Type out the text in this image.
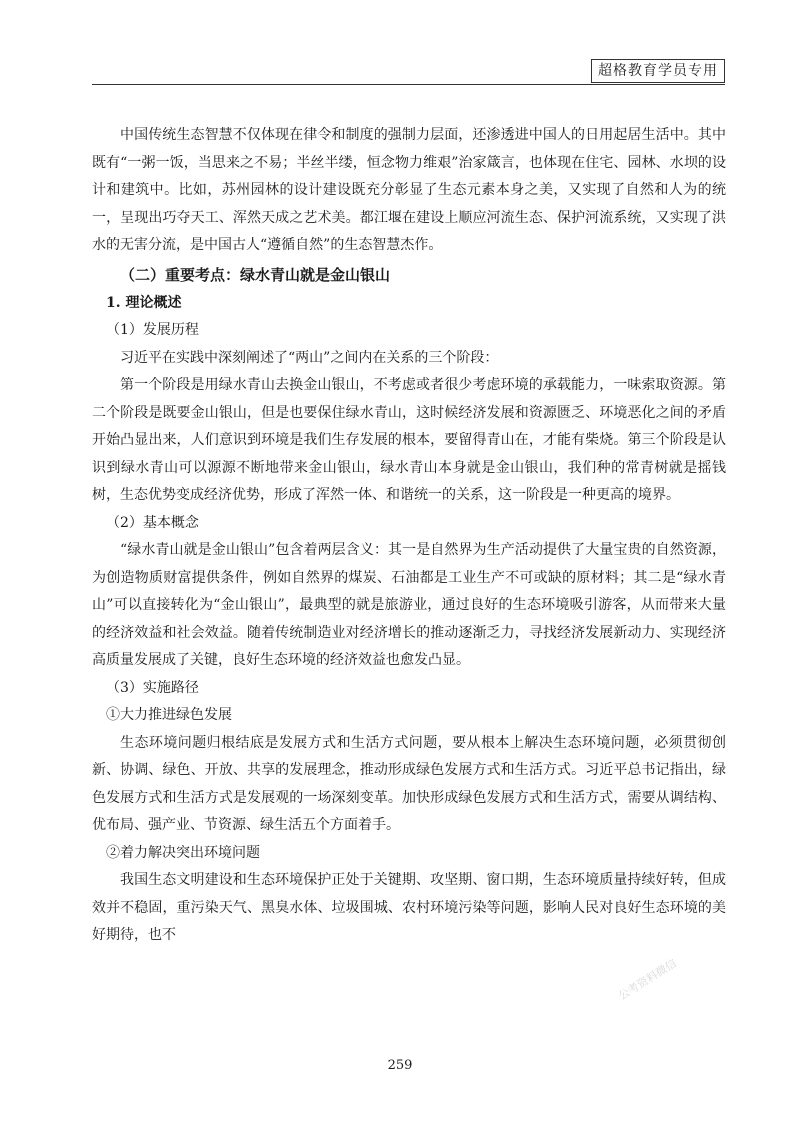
超格教育学员专用

中国传统生态智慧不仅体现在律令和制度的强制力层面，还渗透进中国人的日用起居生活中。其中既有“一粥一饭，当思来之不易；半丝半缕，恒念物力维艰”治家箴言，也体现在住宅、园林、水坝的设计和建筑中。比如，苏州园林的设计建设既充分彰显了生态元素本身之美，又实现了自然和人为的统一，呈现出巧夺天工、浑然天成之艺术美。都江堰在建设上顺应河流生态、保护河流系统，又实现了洪水的无害分流，是中国古人“遵循自然”的生态智慧杰作。

（二）重要考点：绿水青山就是金山银山

1. 理论概述

（1）发展历程

习近平在实践中深刻阐述了“两山”之间内在关系的三个阶段：

第一个阶段是用绿水青山去换金山银山，不考虑或者很少考虑环境的承载能力，一味索取资源。第二个阶段是既要金山银山，但是也要保住绿水青山，这时候经济发展和资源匮乏、环境恶化之间的矛盾开始凸显出来，人们意识到环境是我们生存发展的根本，要留得青山在，才能有柴烧。第三个阶段是认识到绿水青山可以源源不断地带来金山银山，绿水青山本身就是金山银山，我们种的常青树就是摇钱树，生态优势变成经济优势，形成了浑然一体、和谐统一的关系，这一阶段是一种更高的境界。

（2）基本概念

“绿水青山就是金山银山”包含着两层含义：其一是自然界为生产活动提供了大量宝贵的自然资源，为创造物质财富提供条件，例如自然界的煤炭、石油都是工业生产不可或缺的原材料；其二是“绿水青山”可以直接转化为“金山银山”，最典型的就是旅游业，通过良好的生态环境吸引游客，从而带来大量的经济效益和社会效益。随着传统制造业对经济增长的推动逐渐乏力，寻找经济发展新动力、实现经济高质量发展成了关键，良好生态环境的经济效益也愈发凸显。

（3）实施路径

①大力推进绿色发展

生态环境问题归根结底是发展方式和生活方式问题，要从根本上解决生态环境问题，必须贯彻创新、协调、绿色、开放、共享的发展理念，推动形成绿色发展方式和生活方式。习近平总书记指出，绿色发展方式和生活方式是发展观的一场深刻变革。加快形成绿色发展方式和生活方式，需要从调结构、优布局、强产业、节资源、绿生活五个方面着手。

②着力解决突出环境问题

我国生态文明建设和生态环境保护正处于关键期、攻坚期、窗口期，生态环境质量持续好转，但成效并不稳固，重污染天气、黑臭水体、垃圾围城、农村环境污染等问题，影响人民对良好生态环境的美好期待，也不

公考资料微信
259
